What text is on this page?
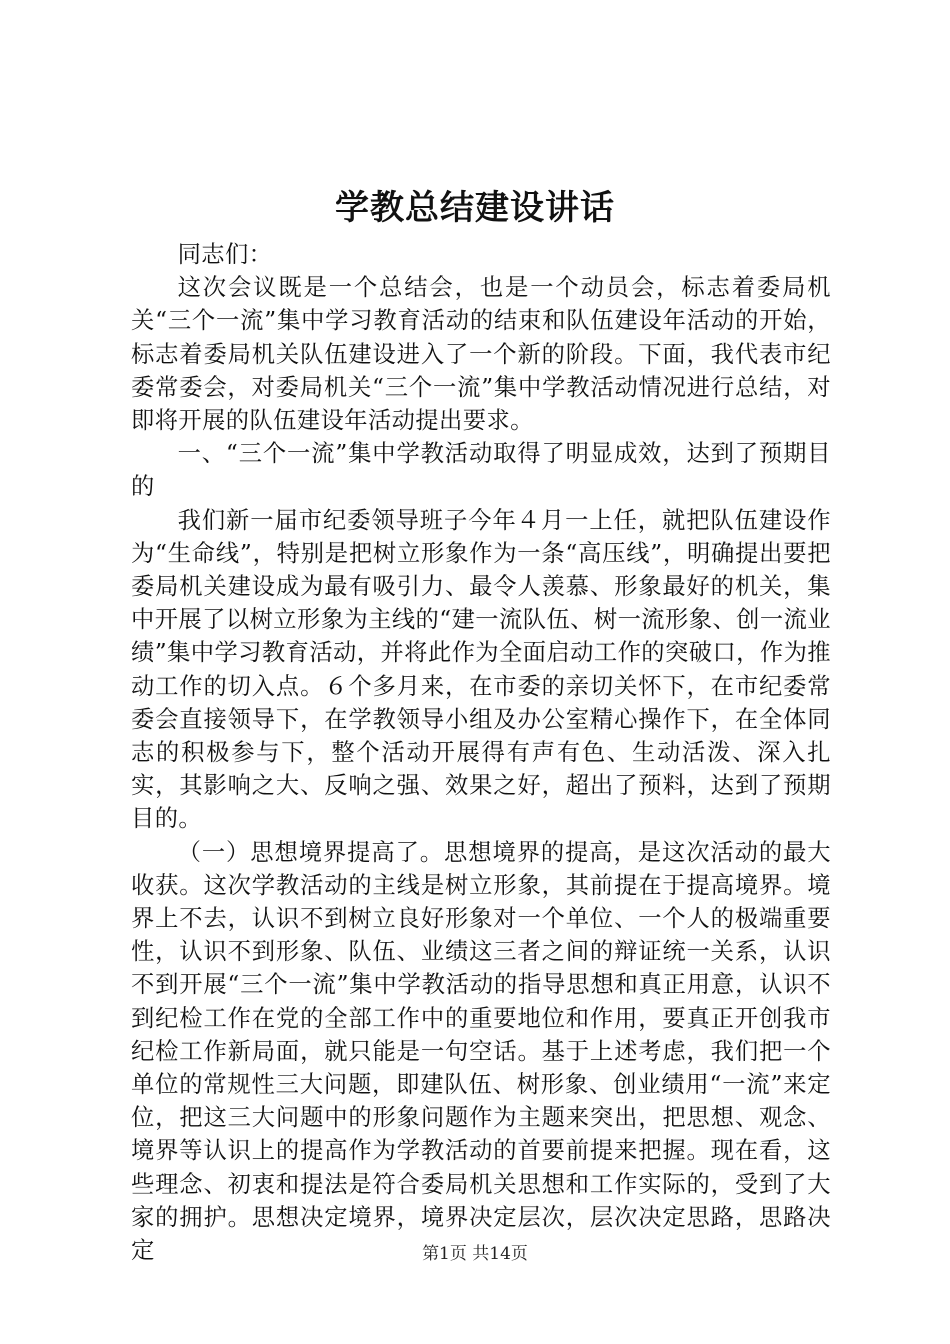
学教总结建设讲话

同志们：

这次会议既是一个总结会，也是一个动员会，标志着委局机关“三个一流”集中学习教育活动的结束和队伍建设年活动的开始，标志着委局机关队伍建设进入了一个新的阶段。下面，我代表市纪委常委会，对委局机关“三个一流”集中学教活动情况进行总结，对即将开展的队伍建设年活动提出要求。

一、“三个一流”集中学教活动取得了明显成效，达到了预期目的

我们新一届市纪委领导班子今年４月一上任，就把队伍建设作为“生命线”，特别是把树立形象作为一条“高压线”，明确提出要把委局机关建设成为最有吸引力、最令人羡慕、形象最好的机关，集中开展了以树立形象为主线的“建一流队伍、树一流形象、创一流业绩”集中学习教育活动，并将此作为全面启动工作的突破口，作为推动工作的切入点。６个多月来，在市委的亲切关怀下，在市纪委常委会直接领导下，在学教领导小组及办公室精心操作下，在全体同志的积极参与下，整个活动开展得有声有色、生动活泼、深入扎实，其影响之大、反响之强、效果之好，超出了预料，达到了预期目的。

（一）思想境界提高了。思想境界的提高，是这次活动的最大收获。这次学教活动的主线是树立形象，其前提在于提高境界。境界上不去，认识不到树立良好形象对一个单位、一个人的极端重要性，认识不到形象、队伍、业绩这三者之间的辩证统一关系，认识不到开展“三个一流”集中学教活动的指导思想和真正用意，认识不到纪检工作在党的全部工作中的重要地位和作用，要真正开创我市纪检工作新局面，就只能是一句空话。基于上述考虑，我们把一个单位的常规性三大问题，即建队伍、树形象、创业绩用“一流”来定位，把这三大问题中的形象问题作为主题来突出，把思想、观念、境界等认识上的提高作为学教活动的首要前提来把握。现在看，这些理念、初衷和提法是符合委局机关思想和工作实际的，受到了大家的拥护。思想决定境界，境界决定层次，层次决定思路，思路决定	第1页 共14页
